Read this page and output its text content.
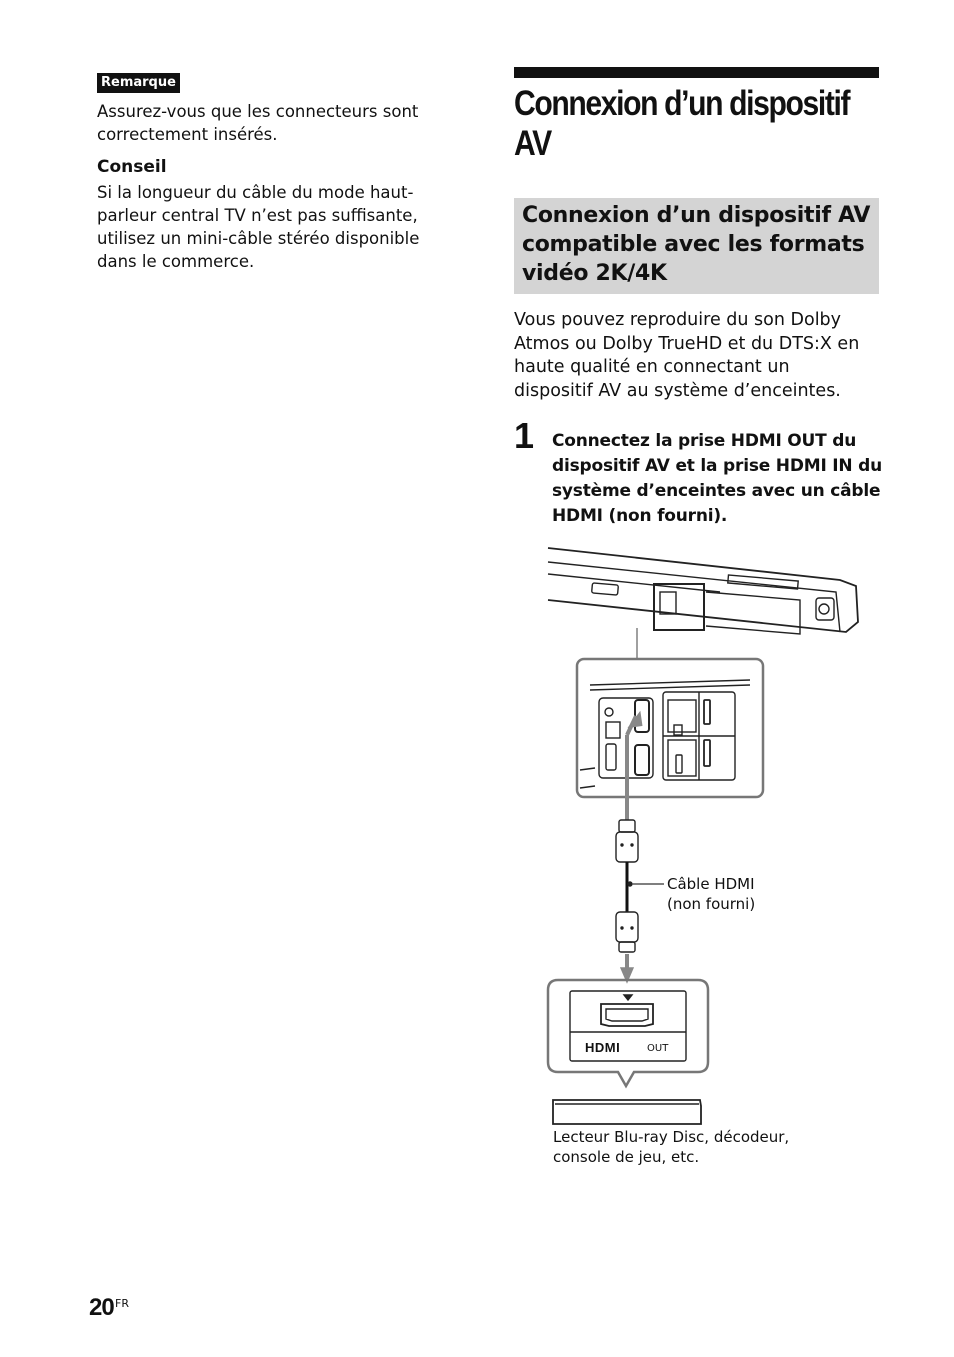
Remarque
Assurez-vous que les connecteurs sont
correctement insérés.
Conseil
Si la longueur du câble du mode haut-
parleur central TV n’est pas suffisante,
utilisez un mini-câble stéréo disponible
dans le commerce.
Connexion d’un dispositif
AV
Connexion d’un dispositif AV
compatible avec les formats
vidéo 2K/4K
Vous pouvez reproduire du son Dolby
Atmos ou Dolby TrueHD et du DTS:X en
haute qualité en connectant un
dispositif AV au système d’enceintes.
1 Connectez la prise HDMI OUT du
dispositif AV et la prise HDMI IN du
système d’enceintes avec un câble
HDMI (non fourni).
HDMI	OUT
Câble HDMI
(non fourni)
Lecteur Blu-ray Disc, décodeur,
console de jeu, etc.
20 FR
